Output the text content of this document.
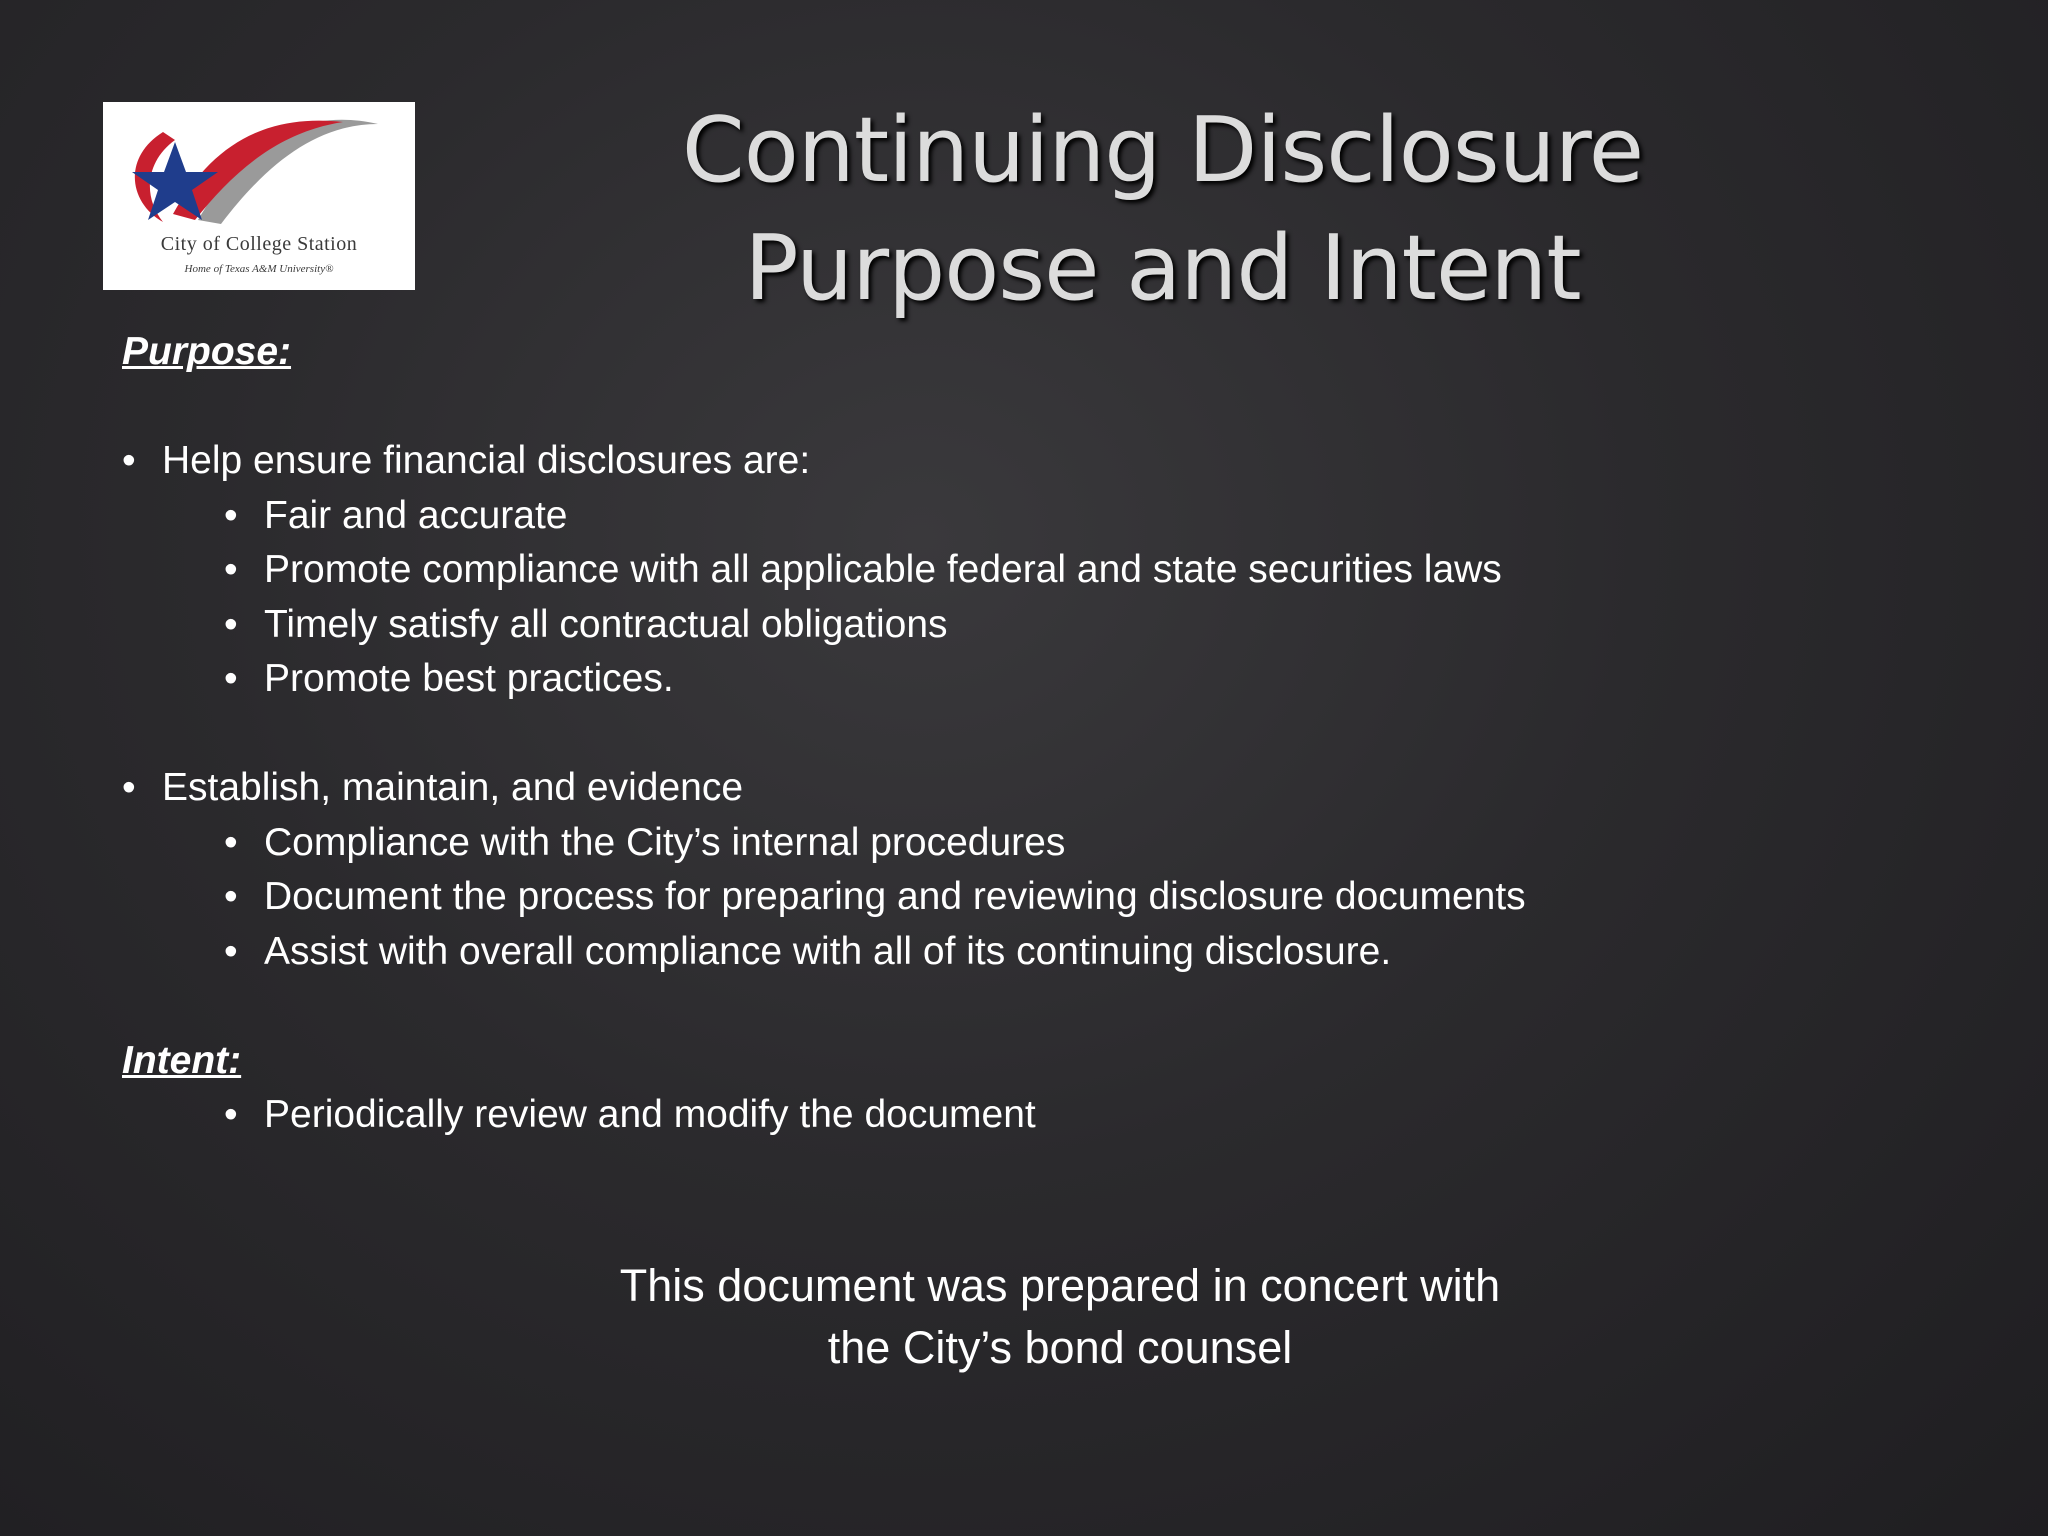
City of College Station
Home of Texas A&M University®
Continuing Disclosure
Purpose and Intent
Purpose:
• Help ensure financial disclosures are:
• Fair and accurate
• Promote compliance with all applicable federal and state securities laws
• Timely satisfy all contractual obligations
• Promote best practices.
• Establish, maintain, and evidence
• Compliance with the City’s internal procedures
• Document the process for preparing and reviewing disclosure documents
• Assist with overall compliance with all of its continuing disclosure.
Intent:
• Periodically review and modify the document
This document was prepared in concert with
the City’s bond counsel
